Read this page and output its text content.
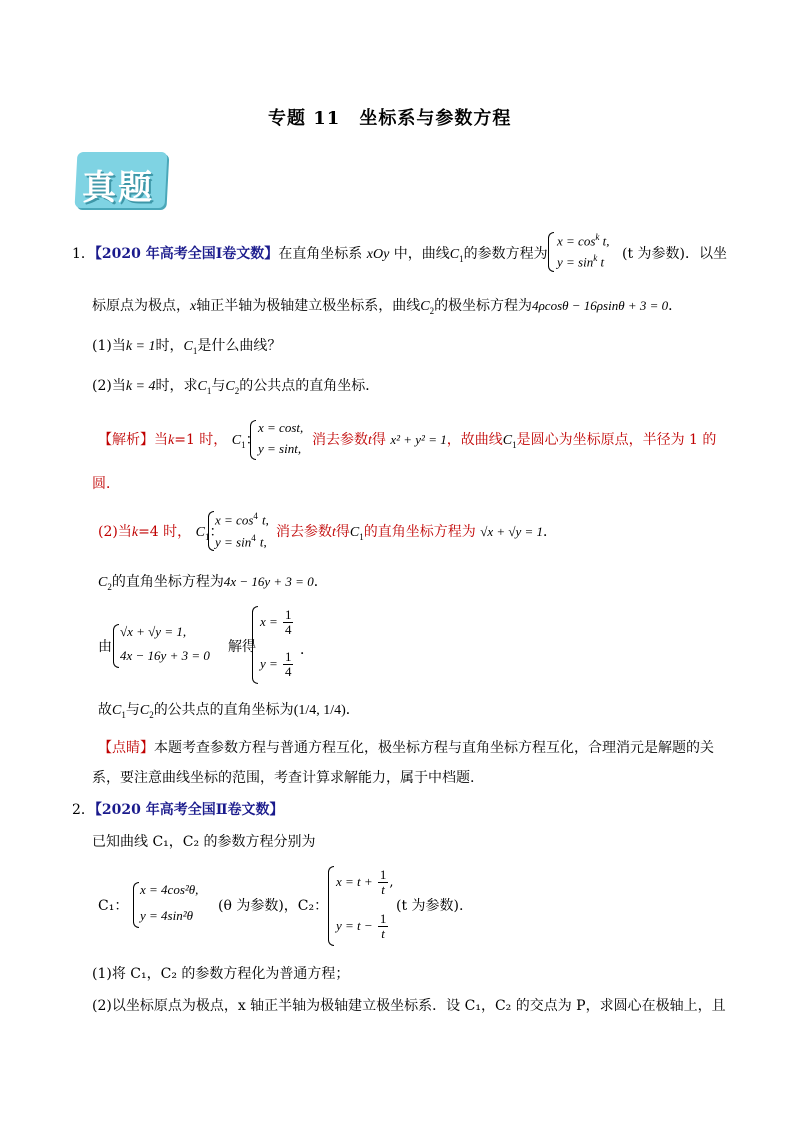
专题 11　坐标系与参数方程
真题
1．【2020 年高考全国Ⅰ卷文数】在直角坐标系 xOy 中，曲线$C_1$的参数方程为
$x = \cos^k t$,
$y = \sin^k t$ (t 为参数)．以坐
标原点为极点，x轴正半轴为极轴建立极坐标系，曲线$C_2$的极坐标方程为4ρcosθ − 16ρsinθ + 3 = 0．
(1)当k = 1时，$C_1$是什么曲线？
(2)当k = 4时，求$C_1$与$C_2$的公共点的直角坐标．
【解析】当k=1 时， $C_1$：
x = cost,
y = sint,
消去参数t得 x² + y² = 1，故曲线$C_1$是圆心为坐标原点，半径为 1 的
圆．
(2)当k=4 时， $C_1$：
$x = \cos^4 t$,
$y = \sin^4 t$,
消去参数t得$C_1$的直角坐标方程为 √x + √y = 1．
$C_2$的直角坐标方程为4x − 16y + 3 = 0．
由
√x + √y = 1,
4x − 16y + 3 = 0
解得
$x = \frac{1}{4}$
$y = \frac{1}{4}$ ．
故$C_1$与$C_2$的公共点的直角坐标为(1/4, 1/4)．
【点睛】本题考查参数方程与普通方程互化，极坐标方程与直角坐标方程互化，合理消元是解题的关
系，要注意曲线坐标的范围，考查计算求解能力，属于中档题.
2．【2020 年高考全国Ⅱ卷文数】
已知曲线 C₁，C₂ 的参数方程分别为
C₁：
x = 4cos²θ,
y = 4sin²θ
(θ 为参数)，C₂：
$x = t + \frac{1}{t}$ ,
$y = t - \frac{1}{t}$
(t 为参数).
(1)将 C₁，C₂ 的参数方程化为普通方程；
(2)以坐标原点为极点，x 轴正半轴为极轴建立极坐标系．设 C₁，C₂ 的交点为 P，求圆心在极轴上，且
